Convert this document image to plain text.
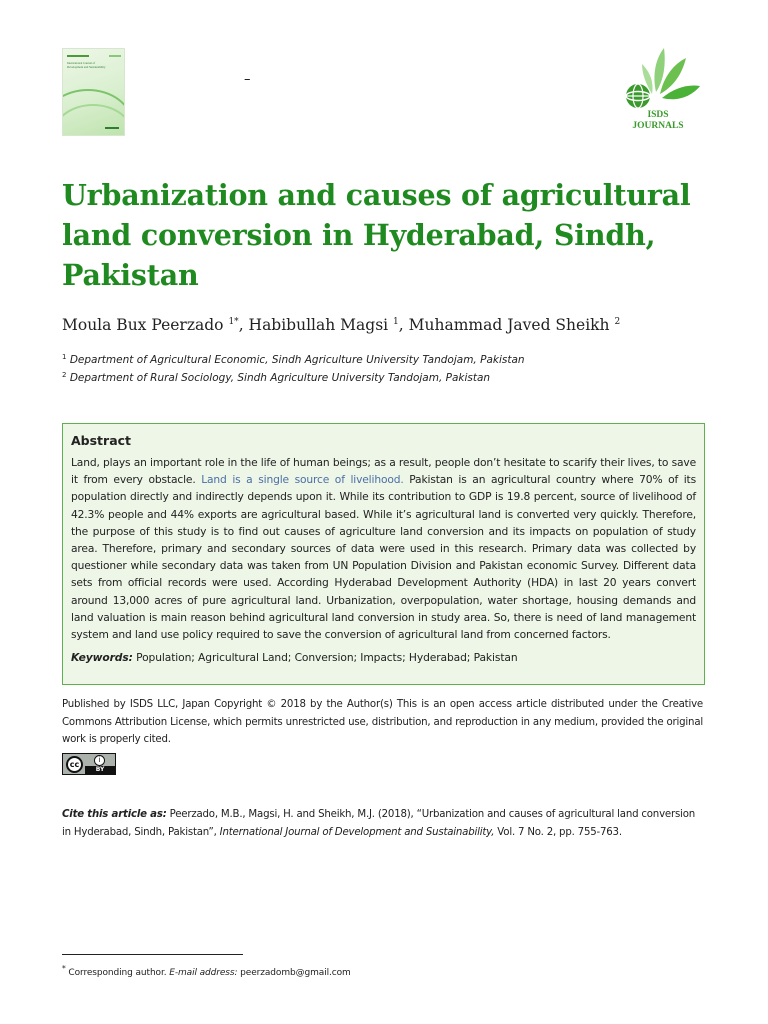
International Journal of
Development and Sustainability
–
ISDS
JOURNALS
Urbanization and causes of agricultural land conversion in Hyderabad, Sindh, Pakistan
Moula Bux Peerzado $^{1*}$, Habibullah Magsi $^1$, Muhammad Javed Sheikh $^2$
$^1$ Department of Agricultural Economic, Sindh Agriculture University Tandojam, Pakistan
$^2$ Department of Rural Sociology, Sindh Agriculture University Tandojam, Pakistan
Abstract

Land, plays an important role in the life of human beings; as a result, people don’t hesitate to scarify their lives, to save it from every obstacle. Land is a single source of livelihood. Pakistan is an agricultural country where 70% of its population directly and indirectly depends upon it. While its contribution to GDP is 19.8 percent, source of livelihood of 42.3% people and 44% exports are agricultural based. While it’s agricultural land is converted very quickly. Therefore, the purpose of this study is to find out causes of agriculture land conversion and its impacts on population of study area. Therefore, primary and secondary sources of data were used in this research. Primary data was collected by questioner while secondary data was taken from UN Population Division and Pakistan economic Survey. Different data sets from official records were used. According Hyderabad Development Authority (HDA) in last 20 years convert around 13,000 acres of pure agricultural land. Urbanization, overpopulation, water shortage, housing demands and land valuation is main reason behind agricultural land conversion in study area. So, there is need of land management system and land use policy required to save the conversion of agricultural land from concerned factors.

Keywords: Population; Agricultural Land; Conversion; Impacts; Hyderabad; Pakistan

Published by ISDS LLC, Japan Copyright © 2018 by the Author(s) This is an open access article distributed under the Creative Commons Attribution License, which permits unrestricted use, distribution, and reproduction in any medium, provided the original work is properly cited.

cc	i
BY

Cite this article as: Peerzado, M.B., Magsi, H. and Sheikh, M.J. (2018), “Urbanization and causes of agricultural land conversion in Hyderabad, Sindh, Pakistan”, International Journal of Development and Sustainability, Vol. 7 No. 2, pp. 755-763.

* Corresponding author. E-mail address: peerzadomb@gmail.com
